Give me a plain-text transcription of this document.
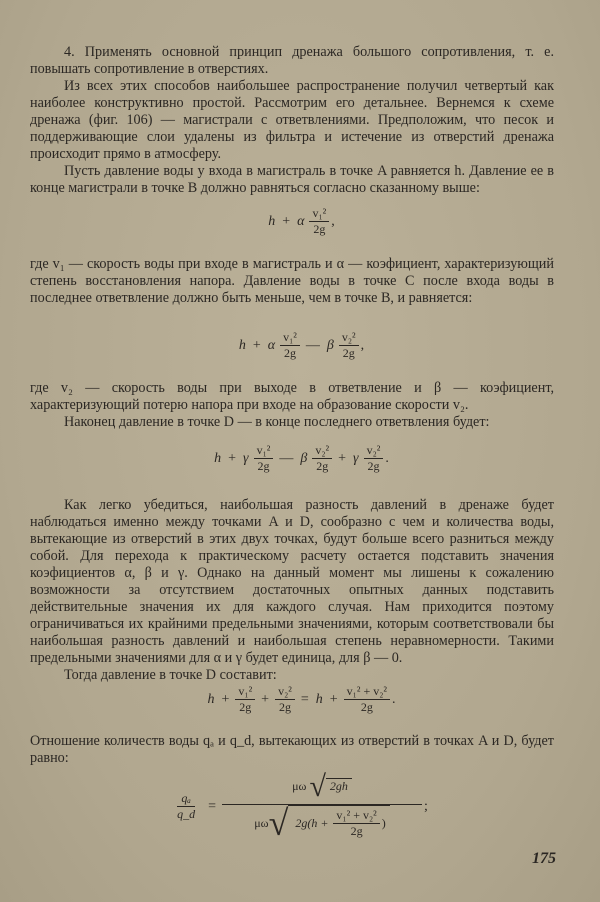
4. Применять основной принцип дренажа большого сопротивления, т. е. повышать сопротивление в отверстиях.

Из всех этих способов наибольшее распространение получил четвертый как наиболее конструктивно простой. Рассмотрим его детальнее. Вернемся к схеме дренажа (фиг. 106) — магистрали с ответвлениями. Предположим, что песок и поддерживающие слои удалены из фильтра и истечение из отверстий дренажа происходит прямо в атмосферу.

Пусть давление воды у входа в магистраль в точке A равняется h. Давление ее в конце магистрали в точке B должно равняться согласно сказанному выше:

h + α $\frac{\text{v₁²}}{2g}$ ,

где v₁ — скорость воды при входе в магистраль и α — коэфициент, характеризующий степень восстановления напора. Давление воды в точке C после входа воды в последнее ответвление должно быть меньше, чем в точке B, и равняется:

h + α $\frac{\text{v₁²}}{2g}$ — β $\frac{\text{v₂²}}{2g}$ ,

где v₂ — скорость воды при выходе в ответвление и β — коэфициент, характеризующий потерю напора при входе на образование скорости v₂.

Наконец давление в точке D — в конце последнего ответвления будет:

h + γ $\frac{\text{v₁²}}{2g}$ — β $\frac{\text{v₂²}}{2g} + \gamma \frac{\text{v₂²}}{2g}$ .

Как легко убедиться, наибольшая разность давлений в дренаже будет наблюдаться именно между точками A и D, сообразно с чем и количества воды, вытекающие из отверстий в этих двух точках, будут больше всего разниться между собой. Для перехода к практическому расчету остается подставить значения коэфициентов α, β и γ. Однако на данный момент мы лишены к сожалению возможности за отсутствием достаточных опытных данных подставить действительные значения их для каждого случая. Нам приходится поэтому ограничиваться их крайними предельными значениями, которым соответствовали бы наибольшая разность давлений и наибольшая степень неравномерности. Такими предельными значениями для α и γ будет единица, для β — 0.

Тогда давление в точке D составит:

$h + \frac{\text{v₁²}}{2g} + \frac{\text{v₂²}}{2g} = h + \frac{\text{v₁² + v₂²}}{2g}$ .

Отношение количеств воды qₐ и q_d, вытекающих из отверстий в точках A и D, будет равно:

$\frac{\text{qₐ}}{q\_d}$ =
μω √ 2gh
μω √ $2g(h + \frac{\text{v₁² + v₂²}}{2g}$ )
;
175
